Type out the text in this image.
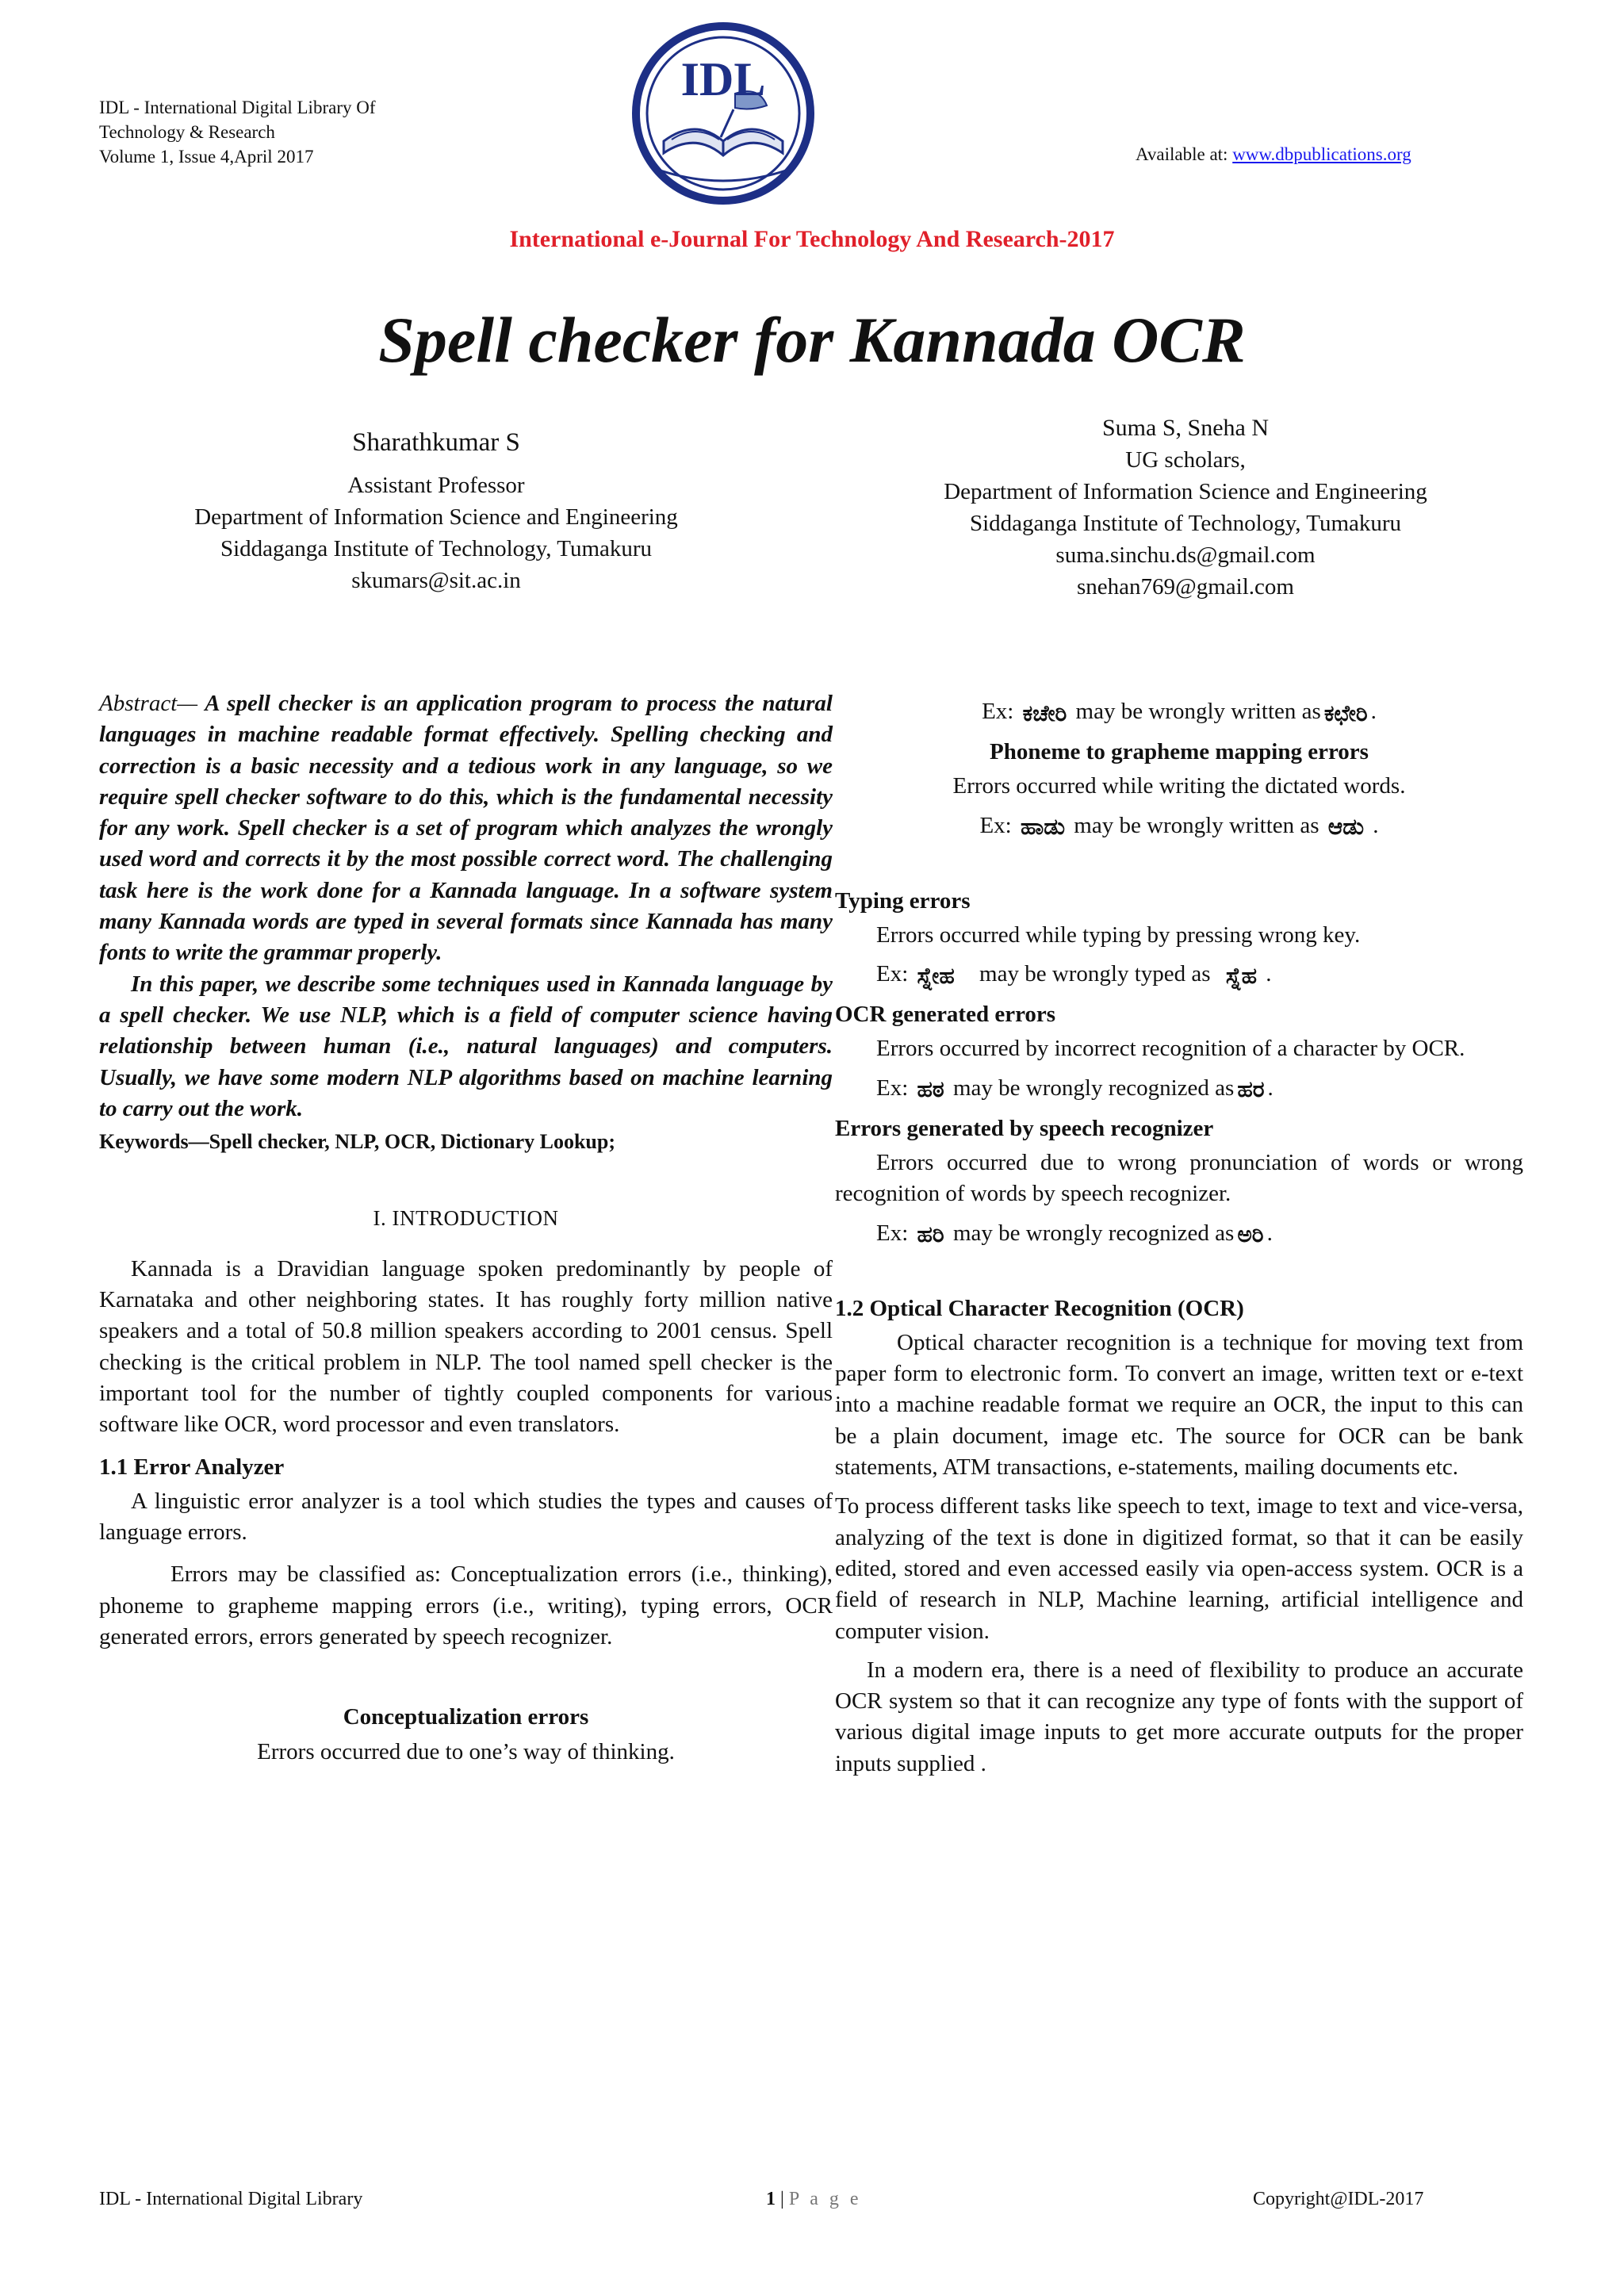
IDL - International Digital Library Of
Technology & Research
Volume 1, Issue 4,April 2017
IDL
Available at: www.dbpublications.org
International e-Journal For Technology And Research-2017
Spell checker for Kannada OCR
Sharathkumar S
Assistant Professor
Department of Information Science and Engineering
Siddaganga Institute of Technology, Tumakuru
skumars@sit.ac.in
Suma S, Sneha N
UG scholars,
Department of Information Science and Engineering
Siddaganga Institute of Technology, Tumakuru
suma.sinchu.ds@gmail.com
snehan769@gmail.com

Abstract— A spell checker is an application program to process the natural languages in machine readable format effectively. Spelling checking and correction is a basic necessity and a tedious work in any language, so we require spell checker software to do this, which is the fundamental necessity for any work. Spell checker is a set of program which analyzes the wrongly used word and corrects it by the most possible correct word. The challenging task here is the work done for a Kannada language. In a software system many Kannada words are typed in several formats since Kannada has many fonts to write the grammar properly.

In this paper, we describe some techniques used in Kannada language by a spell checker. We use NLP, which is a field of computer science having relationship between human (i.e., natural languages) and computers. Usually, we have some modern NLP algorithms based on machine learning to carry out the work.

Keywords—Spell checker, NLP, OCR, Dictionary Lookup;

I. INTRODUCTION

Kannada is a Dravidian language spoken predominantly by people of Karnataka and other neighboring states. It has roughly forty million native speakers and a total of 50.8 million speakers according to 2001 census. Spell checking is the critical problem in NLP. The tool named spell checker is the important tool for the number of tightly coupled components for various software like OCR, word processor and even translators.

1.1 Error Analyzer

A linguistic error analyzer is a tool which studies the types and causes of language errors.

Errors may be classified as: Conceptualization errors (i.e., thinking), phoneme to grapheme mapping errors (i.e., writing), typing errors, OCR generated errors, errors generated by speech recognizer.

Conceptualization errors

Errors occurred due to one’s way of thinking.

Ex: ಕಚೇರಿ may be wrongly written as ಕಛೇರಿ .

Phoneme to grapheme mapping errors

Errors occurred while writing the dictated words.

Ex: ಹಾಡು may be wrongly written as ಆಡು .

Typing errors

Errors occurred while typing by pressing wrong key.

Ex: ಸ್ನೇಹ may be wrongly typed as ಸ್ನೆಹ .

OCR generated errors

Errors occurred by incorrect recognition of a character by OCR.

Ex: ಹಠ may be wrongly recognized as ಹರ .

Errors generated by speech recognizer

Errors occurred due to wrong pronunciation of words or wrong recognition of words by speech recognizer.

Ex: ಹರಿ may be wrongly recognized as ಅರಿ .

1.2 Optical Character Recognition (OCR)

Optical character recognition is a technique for moving text from paper form to electronic form. To convert an image, written text or e-text into a machine readable format we require an OCR, the input to this can be a plain document, image etc. The source for OCR can be bank statements, ATM transactions, e-statements, mailing documents etc.

To process different tasks like speech to text, image to text and vice-versa, analyzing of the text is done in digitized format, so that it can be easily edited, stored and even accessed easily via open-access system. OCR is a field of research in NLP, Machine learning, artificial intelligence and computer vision.

In a modern era, there is a need of flexibility to produce an accurate OCR system so that it can recognize any type of fonts with the support of various digital image inputs to get more accurate outputs for the proper inputs supplied .

IDL - International Digital Library	1 | P a g e	Copyright@IDL-2017
